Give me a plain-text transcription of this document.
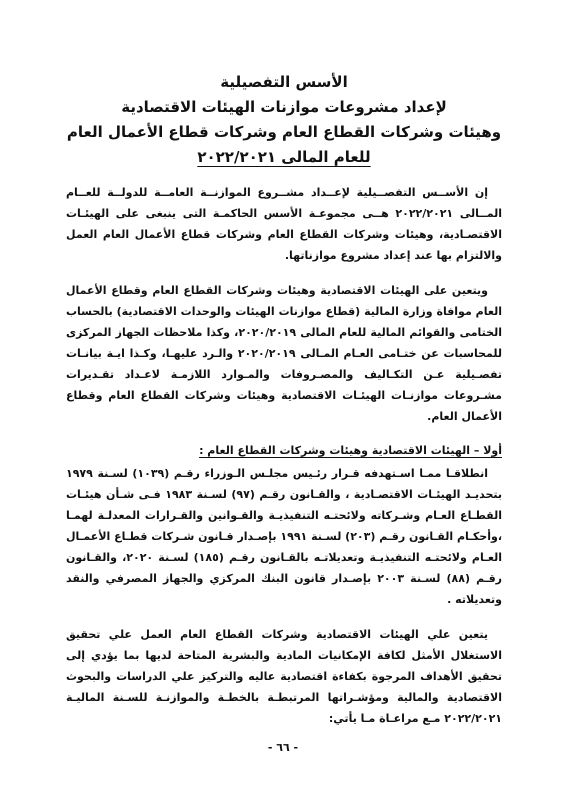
الأسس التفصيلية
لإعداد مشروعات موازنات الهيئات الاقتصادية
وهيئات وشركات القطاع العام وشركات قطاع الأعمال العام
للعام المالى ٢٠٢٢/٢٠٢١

إن الأســس التفصــيلية لإعــداد مشــروع الموازنــة العامــة للدولــة للعــام المــالى ٢٠٢٢/٢٠٢١ هــى مجموعـة الأسس الحاكمـة التى ينبغى على الهيئـات الاقتصـادية، وهيئات وشركات القطاع العام وشركات قطاع الأعمال العام العمل والالتزام بها عند إعداد مشروع موازناتها.

ويتعين على الهيئات الاقتصادية وهيئات وشركات القطاع العام وقطاع الأعمال العام موافاة وزارة المالية (قطاع موازنات الهيئات والوحدات الاقتصادية) بالحساب الختامى والقوائم المالية للعام المالى ٢٠٢٠/٢٠١٩، وكذا ملاحظات الجهاز المركزى للمحاسبات عن ختـامى العـام المـالى ٢٠٢٠/٢٠١٩ والـرد عليهـا، وكـذا ايـة بيانـات تفصـيلية عـن التكـاليف والمصـروفات والمـوارد اللازمـة لاعـداد تقـديرات مشـروعات موازنـات الهيئـات الاقتصادية وهيئات وشركات القطاع العام وقطاع الأعمال العام.

أولا – الهيئات الاقتصادية وهيئات وشركات القطاع العام :

انطلاقـا ممـا اسـتهدفه قـرار رئـيس مجلـس الـوزراء رقـم (١٠٣٩) لسـنة ١٩٧٩ بتحديـد الهيئـات الاقتصـادية ، والقـانون رقـم (٩٧) لسـنة ١٩٨٣ فـى شـأن هيئـات القطـاع العـام وشـركاته ولائحتـه التنفيذيـة والقـوانين والقـرارات المعدلـة لهمـا ،وأحكـام القـانون رقـم (٢٠٣) لسـنة ١٩٩١ بإصـدار قـانون شـركات قطـاع الأعمـال العـام ولائحتـه التنفيذيـة وتعديلاتـه بالقـانون رقـم (١٨٥) لسـنة ٢٠٢٠، والقـانون رقـم (٨٨) لسـنة ٢٠٠٣ بإصـدار قانون البنك المركزي والجهاز المصرفي والنقد وتعديلاته .

يتعين علي الهيئات الاقتصادية وشركات القطاع العام العمل علي تحقيق الاستغلال الأمثل لكافة الإمكانيات المادية والبشرية المتاحة لديها بما يؤدي إلى تحقيق الأهداف المرجوة بكفاءة اقتصادية عاليه والتركيز علي الدراسات والبحوث الاقتصادية والمالية ومؤشـراتها المرتبطـة بالخطـة والموازنـة للسـنة الماليـة ٢٠٢٢/٢٠٢١ مـع مراعـاة مـا يأتي:

- ٦٦ -
